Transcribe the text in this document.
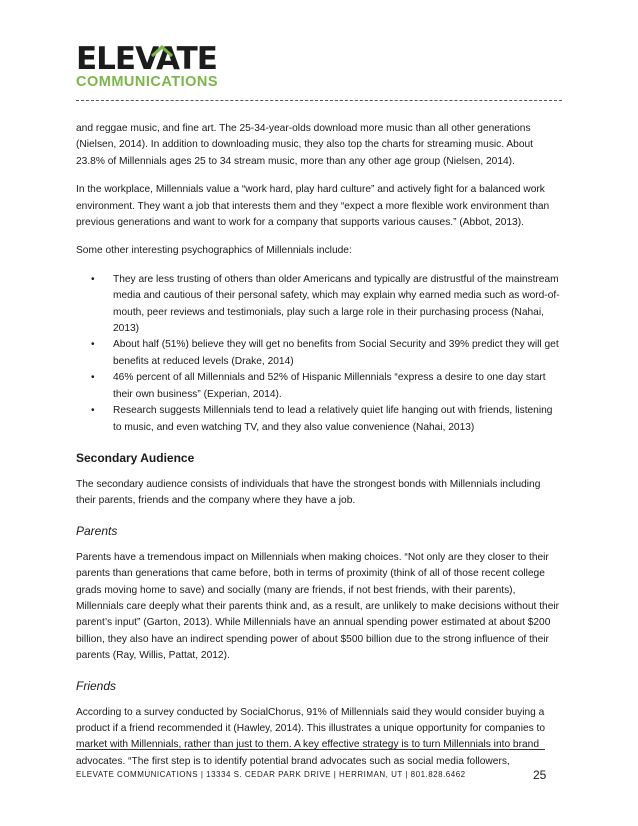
ELEVATE
COMMUNICATIONS

and reggae music, and fine art. The 25-34-year-olds download more music than all other generations (Nielsen, 2014). In addition to downloading music, they also top the charts for streaming music. About 23.8% of Millennials ages 25 to 34 stream music, more than any other age group (Nielsen, 2014).

In the workplace, Millennials value a “work hard, play hard culture” and actively fight for a balanced work environment. They want a job that interests them and they “expect a more flexible work environment than previous generations and want to work for a company that supports various causes.” (Abbot, 2013).

Some other interesting psychographics of Millennials include:

• They are less trusting of others than older Americans and typically are distrustful of the mainstream media and cautious of their personal safety, which may explain why earned media such as word-of-mouth, peer reviews and testimonials, play such a large role in their purchasing process (Nahai, 2013)
• About half (51%) believe they will get no benefits from Social Security and 39% predict they will get benefits at reduced levels (Drake, 2014)
• 46% percent of all Millennials and 52% of Hispanic Millennials “express a desire to one day start their own business” (Experian, 2014).
• Research suggests Millennials tend to lead a relatively quiet life hanging out with friends, listening to music, and even watching TV, and they also value convenience (Nahai, 2013)
Secondary Audience

The secondary audience consists of individuals that have the strongest bonds with Millennials including their parents, friends and the company where they have a job.

Parents

Parents have a tremendous impact on Millennials when making choices. “Not only are they closer to their parents than generations that came before, both in terms of proximity (think of all of those recent college grads moving home to save) and socially (many are friends, if not best friends, with their parents), Millennials care deeply what their parents think and, as a result, are unlikely to make decisions without their parent’s input” (Garton, 2013). While Millennials have an annual spending power estimated at about $200 billion, they also have an indirect spending power of about $500 billion due to the strong influence of their parents (Ray, Willis, Pattat, 2012).

Friends

According to a survey conducted by SocialChorus, 91% of Millennials said they would consider buying a product if a friend recommended it (Hawley, 2014). This illustrates a unique opportunity for companies to market with Millennials, rather than just to them. A key effective strategy is to turn Millennials into brand advocates. “The first step is to identify potential brand advocates such as social media followers,

ELEVATE COMMUNICATIONS | 13334 S. CEDAR PARK DRIVE | HERRIMAN, UT | 801.828.6462	25
